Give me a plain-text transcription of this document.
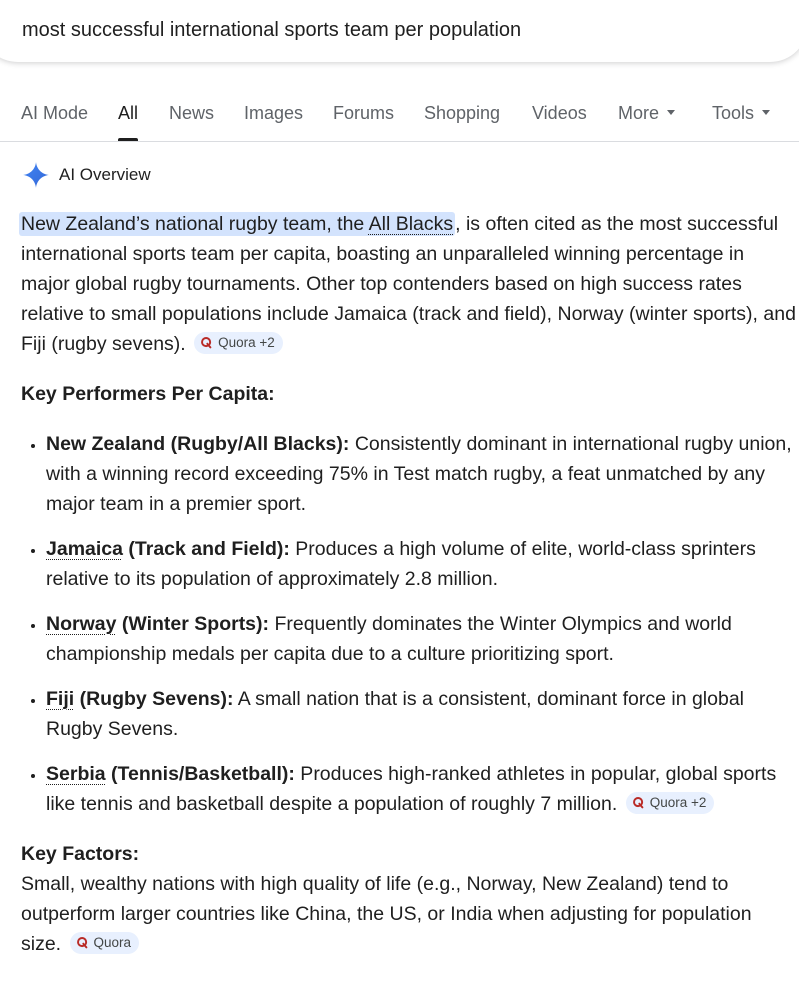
most successful international sports team per population
AI Mode All News Images Forums Shopping Videos More	Tools
AI Overview

New Zealand’s national rugby team, the All Blacks , is often cited as the most successful international sports team per capita, boasting an unparalleled winning percentage in major global rugby tournaments. Other top contenders based on high success rates relative to small populations include Jamaica (track and field), Norway (winter sports), and Fiji (rugby sevens). Quora +2

Key Performers Per Capita:
• New Zealand (Rugby/All Blacks): Consistently dominant in international rugby union, with a winning record exceeding 75% in Test match rugby, a feat unmatched by any major team in a premier sport.
• Jamaica (Track and Field): Produces a high volume of elite, world-class sprinters relative to its population of approximately 2.8 million.
• Norway (Winter Sports): Frequently dominates the Winter Olympics and world championship medals per capita due to a culture prioritizing sport.
• Fiji (Rugby Sevens): A small nation that is a consistent, dominant force in global Rugby Sevens.
• Serbia (Tennis/Basketball): Produces high-ranked athletes in popular, global sports like tennis and basketball despite a population of roughly 7 million. Quora +2
Key Factors:

Small, wealthy nations with high quality of life (e.g., Norway, New Zealand) tend to outperform larger countries like China, the US, or India when adjusting for population size. Quora
